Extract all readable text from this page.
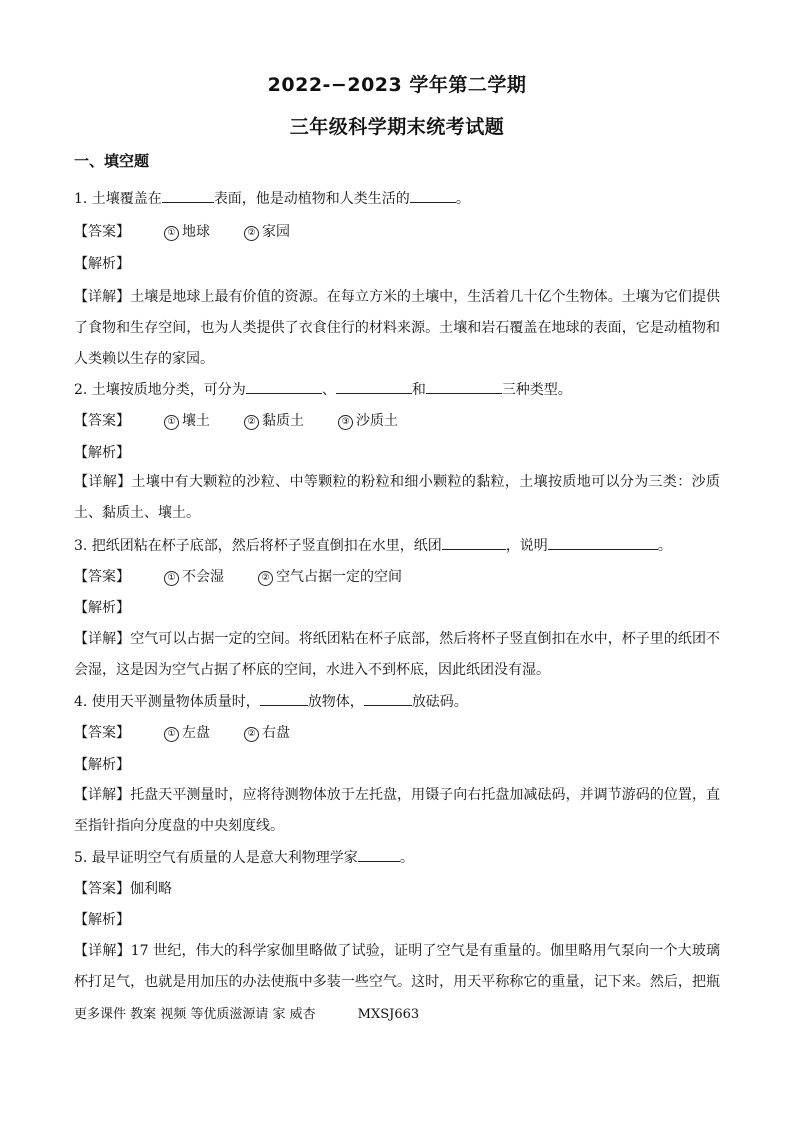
2022-−2023 学年第二学期
三年级科学期末统考试题
一、填空题
1. 土壤覆盖在	表面，他是动植物和人类生活的	。
【答案】	① 地球	② 家园
【解析】
【详解】土壤是地球上最有价值的资源。在每立方米的土壤中，生活着几十亿个生物体。土壤为它们提供了食物和生存空间，也为人类提供了衣食住行的材料来源。土壤和岩石覆盖在地球的表面，它是动植物和人类赖以生存的家园。
2. 土壤按质地分类，可分为	、	和	三种类型。
【答案】	① 壤土	② 黏质土	③ 沙质土
【解析】
【详解】土壤中有大颗粒的沙粒、中等颗粒的粉粒和细小颗粒的黏粒，土壤按质地可以分为三类：沙质土、黏质土、壤土。
3. 把纸团粘在杯子底部，然后将杯子竖直倒扣在水里，纸团	，说明	。
【答案】	① 不会湿	② 空气占据一定的空间
【解析】
【详解】空气可以占据一定的空间。将纸团粘在杯子底部，然后将杯子竖直倒扣在水中，杯子里的纸团不会湿，这是因为空气占据了杯底的空间，水进入不到杯底，因此纸团没有湿。
4. 使用天平测量物体质量时，	放物体，	放砝码。
【答案】	① 左盘	② 右盘
【解析】
【详解】托盘天平测量时，应将待测物体放于左托盘，用镊子向右托盘加减砝码，并调节游码的位置，直至指针指向分度盘的中央刻度线。
5. 最早证明空气有质量的人是意大利物理学家	。
【答案】伽利略
【解析】
【详解】17 世纪，伟大的科学家伽里略做了试验，证明了空气是有重量的。伽里略用气泵向一个大玻璃杯打足气，也就是用加压的办法使瓶中多装一些空气。这时，用天平称称它的重量，记下来。然后，把瓶
更多课件 教案 视频 等优质滋源请 家 威杏	MXSJ663
